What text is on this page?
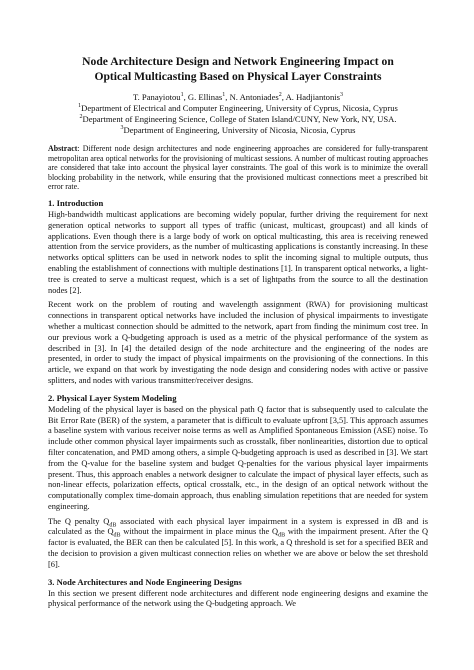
Node Architecture Design and Network Engineering Impact on
Optical Multicasting Based on Physical Layer Constraints
T. Panayiotou$^1$, G. Ellinas$^1$, N. Antoniades$^2$, A. Hadjiantonis$^3$
$^1$Department of Electrical and Computer Engineering, University of Cyprus, Nicosia, Cyprus
$^2$Department of Engineering Science, College of Staten Island/CUNY, New York, NY, USA.
$^3$Department of Engineering, University of Nicosia, Nicosia, Cyprus
Abstract: Different node design architectures and node engineering approaches are considered for fully-transparent metropolitan area optical networks for the provisioning of multicast sessions. A number of multicast routing approaches are considered that take into account the physical layer constraints. The goal of this work is to minimize the overall blocking probability in the network, while ensuring that the provisioned multicast connections meet a prescribed bit error rate.
1. Introduction

High-bandwidth multicast applications are becoming widely popular, further driving the requirement for next generation optical networks to support all types of traffic (unicast, multicast, groupcast) and all kinds of applications. Even though there is a large body of work on optical multicasting, this area is receiving renewed attention from the service providers, as the number of multicasting applications is constantly increasing. In these networks optical splitters can be used in network nodes to split the incoming signal to multiple outputs, thus enabling the establishment of connections with multiple destinations [1]. In transparent optical networks, a light-tree is created to serve a multicast request, which is a set of lightpaths from the source to all the destination nodes [2].

Recent work on the problem of routing and wavelength assignment (RWA) for provisioning multicast connections in transparent optical networks have included the inclusion of physical impairments to investigate whether a multicast connection should be admitted to the network, apart from finding the minimum cost tree. In our previous work a Q-budgeting approach is used as a metric of the physical performance of the system as described in [3]. In [4] the detailed design of the node architecture and the engineering of the nodes are presented, in order to study the impact of physical impairments on the provisioning of the connections. In this article, we expand on that work by investigating the node design and considering nodes with active or passive splitters, and nodes with various transmitter/receiver designs.

2. Physical Layer System Modeling

Modeling of the physical layer is based on the physical path Q factor that is subsequently used to calculate the Bit Error Rate (BER) of the system, a parameter that is difficult to evaluate upfront [3,5]. This approach assumes a baseline system with various receiver noise terms as well as Amplified Spontaneous Emission (ASE) noise. To include other common physical layer impairments such as crosstalk, fiber nonlinearities, distortion due to optical filter concatenation, and PMD among others, a simple Q-budgeting approach is used as described in [3]. We start from the Q-value for the baseline system and budget Q-penalties for the various physical layer impairments present. Thus, this approach enables a network designer to calculate the impact of physical layer effects, such as non-linear effects, polarization effects, optical crosstalk, etc., in the design of an optical network without the computationally complex time-domain approach, thus enabling simulation repetitions that are needed for system engineering.

The Q penalty $Q_{dB}$ associated with each physical layer impairment in a system is expressed in dB and is calculated as the $Q_{dB}$ without the impairment in place minus the $Q_{dB}$ with the impairment present. After the Q factor is evaluated, the BER can then be calculated [5]. In this work, a Q threshold is set for a specified BER and the decision to provision a given multicast connection relies on whether we are above or below the set threshold [6].

3. Node Architectures and Node Engineering Designs

In this section we present different node architectures and different node engineering designs and examine the physical performance of the network using the Q-budgeting approach. We
